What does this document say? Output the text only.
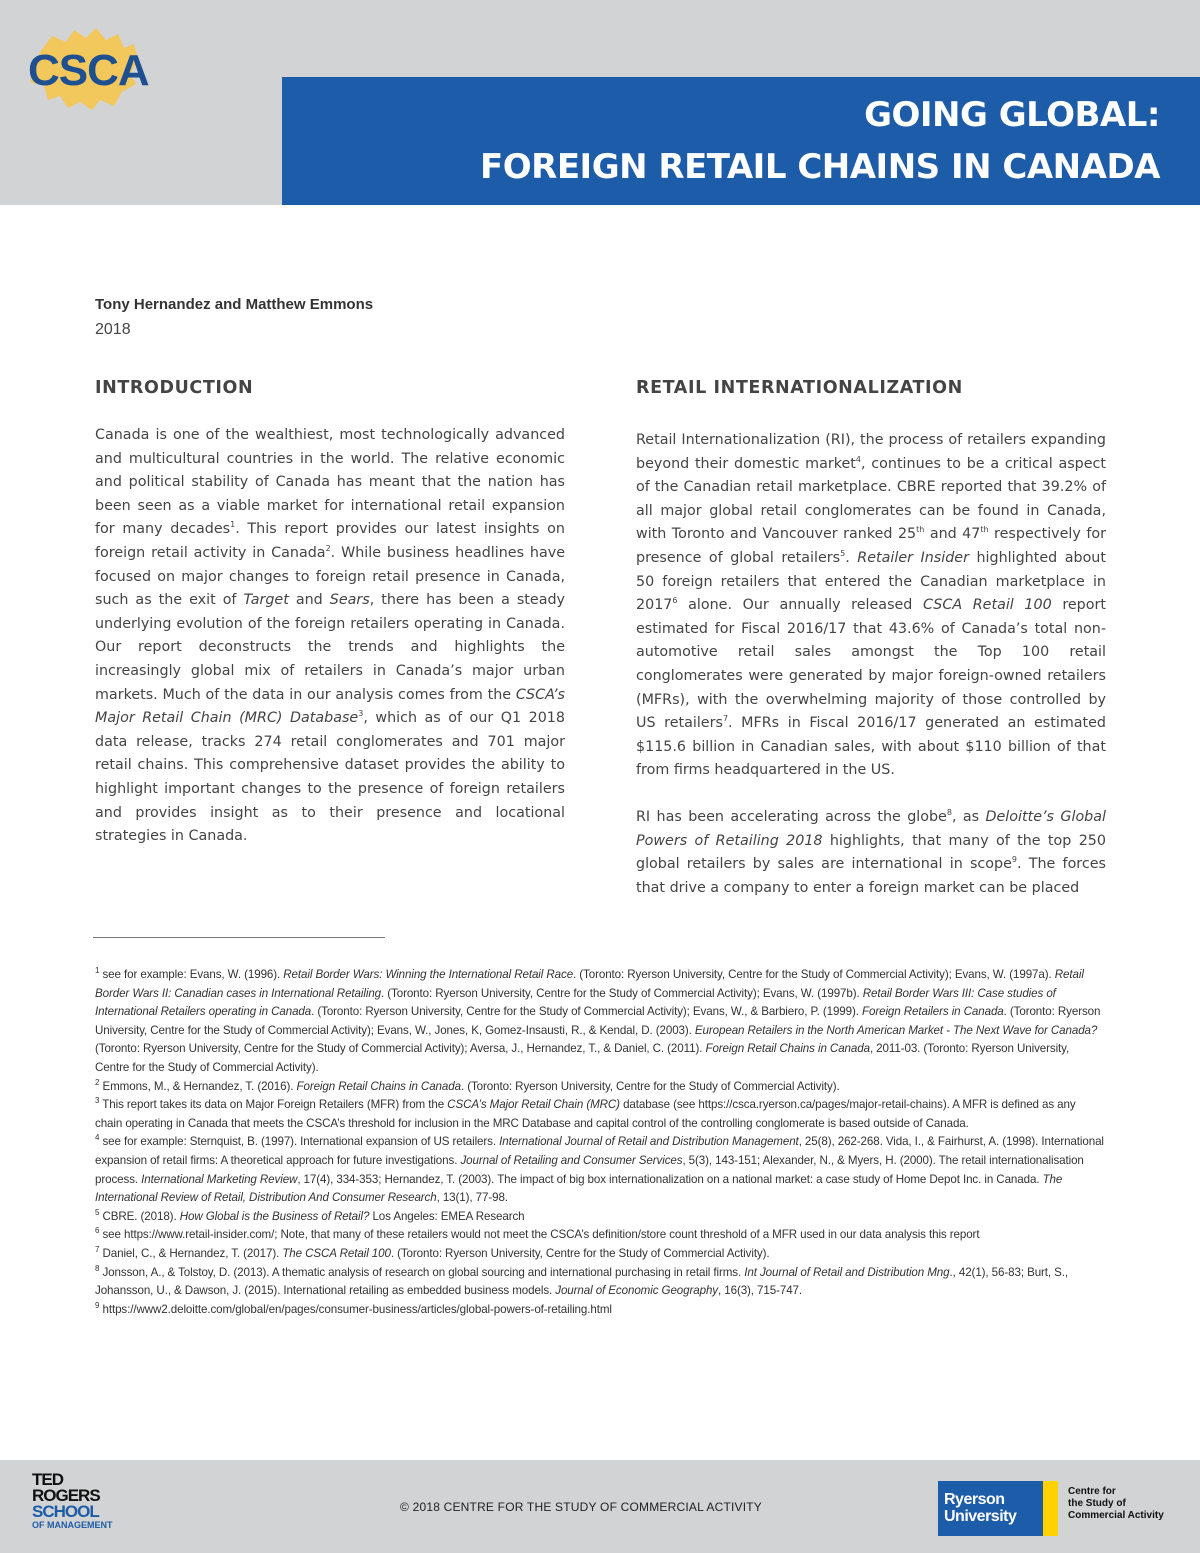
CSCA
GOING GLOBAL:
FOREIGN RETAIL CHAINS IN CANADA
Tony Hernandez and Matthew Emmons
2018
INTRODUCTION
Canada is one of the wealthiest, most technologically advanced and multicultural countries in the world. The relative economic and political stability of Canada has meant that the nation has been seen as a viable market for international retail expansion for many decades$^1$. This report provides our latest insights on foreign retail activity in Canada$^2$. While business headlines have focused on major changes to foreign retail presence in Canada, such as the exit of Target and Sears, there has been a steady underlying evolution of the foreign retailers operating in Canada. Our report deconstructs the trends and highlights the increasingly global mix of retailers in Canada’s major urban markets. Much of the data in our analysis comes from the CSCA’s Major Retail Chain (MRC) Database$^3$, which as of our Q1 2018 data release, tracks 274 retail conglomerates and 701 major retail chains. This comprehensive dataset provides the ability to highlight important changes to the presence of foreign retailers and provides insight as to their presence and locational strategies in Canada.
RETAIL INTERNATIONALIZATION

Retail Internationalization (RI), the process of retailers expanding beyond their domestic market$^4$, continues to be a critical aspect of the Canadian retail marketplace. CBRE reported that 39.2% of all major global retail conglomerates can be found in Canada, with Toronto and Vancouver ranked 25th and 47th respectively for presence of global retailers$^5$. Retailer Insider highlighted about 50 foreign retailers that entered the Canadian marketplace in 2017$^6$ alone. Our annually released CSCA Retail 100 report estimated for Fiscal 2016/17 that 43.6% of Canada’s total non-automotive retail sales amongst the Top 100 retail conglomerates were generated by major foreign-owned retailers (MFRs), with the overwhelming majority of those controlled by US retailers$^7$. MFRs in Fiscal 2016/17 generated an estimated $115.6 billion in Canadian sales, with about $110 billion of that from firms headquartered in the US.

RI has been accelerating across the globe$^8$, as Deloitte’s Global Powers of Retailing 2018 highlights, that many of the top 250 global retailers by sales are international in scope$^9$. The forces that drive a company to enter a foreign market can be placed

$^1$ see for example: Evans, W. (1996). Retail Border Wars: Winning the International Retail Race. (Toronto: Ryerson University, Centre for the Study of Commercial Activity); Evans, W. (1997a). Retail Border Wars II: Canadian cases in International Retailing. (Toronto: Ryerson University, Centre for the Study of Commercial Activity); Evans, W. (1997b). Retail Border Wars III: Case studies of International Retailers operating in Canada. (Toronto: Ryerson University, Centre for the Study of Commercial Activity); Evans, W., & Barbiero, P. (1999). Foreign Retailers in Canada. (Toronto: Ryerson University, Centre for the Study of Commercial Activity); Evans, W., Jones, K, Gomez-Insausti, R., & Kendal, D. (2003). European Retailers in the North American Market - The Next Wave for Canada? (Toronto: Ryerson University, Centre for the Study of Commercial Activity); Aversa, J., Hernandez, T., & Daniel, C. (2011). Foreign Retail Chains in Canada, 2011-03. (Toronto: Ryerson University, Centre for the Study of Commercial Activity).

$^2$ Emmons, M., & Hernandez, T. (2016). Foreign Retail Chains in Canada. (Toronto: Ryerson University, Centre for the Study of Commercial Activity).

$^3$ This report takes its data on Major Foreign Retailers (MFR) from the CSCA’s Major Retail Chain (MRC) database (see https://csca.ryerson.ca/pages/major-retail-chains). A MFR is defined as any chain operating in Canada that meets the CSCA’s threshold for inclusion in the MRC Database and capital control of the controlling conglomerate is based outside of Canada.

$^4$ see for example: Sternquist, B. (1997). International expansion of US retailers. International Journal of Retail and Distribution Management, 25(8), 262-268. Vida, I., & Fairhurst, A. (1998). International expansion of retail firms: A theoretical approach for future investigations. Journal of Retailing and Consumer Services, 5(3), 143-151; Alexander, N., & Myers, H. (2000). The retail internationalisation process. International Marketing Review, 17(4), 334-353; Hernandez, T. (2003). The impact of big box internationalization on a national market: a case study of Home Depot Inc. in Canada. The International Review of Retail, Distribution And Consumer Research, 13(1), 77-98.

$^5$ CBRE. (2018). How Global is the Business of Retail? Los Angeles: EMEA Research

$^6$ see https://www.retail-insider.com/; Note, that many of these retailers would not meet the CSCA’s definition/store count threshold of a MFR used in our data analysis this report

$^7$ Daniel, C., & Hernandez, T. (2017). The CSCA Retail 100. (Toronto: Ryerson University, Centre for the Study of Commercial Activity).

$^8$ Jonsson, A., & Tolstoy, D. (2013). A thematic analysis of research on global sourcing and international purchasing in retail firms. Int Journal of Retail and Distribution Mng., 42(1), 56-83; Burt, S., Johansson, U., & Dawson, J. (2015). International retailing as embedded business models. Journal of Economic Geography, 16(3), 715-747.

$^9$ https://www2.deloitte.com/global/en/pages/consumer-business/articles/global-powers-of-retailing.html

TED
ROGERS
SCHOOL
OF MANAGEMENT
© 2018 CENTRE FOR THE STUDY OF COMMERCIAL ACTIVITY	Ryerson
University
Centre for
the Study of
Commercial Activity
